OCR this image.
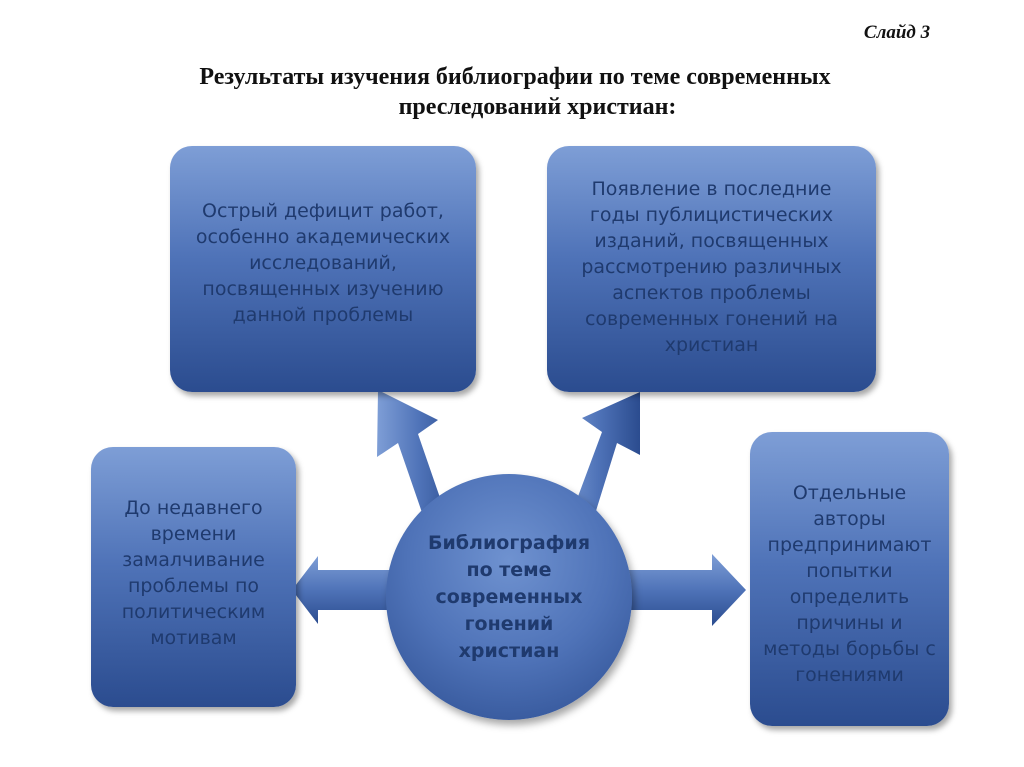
Слайд 3
Результаты изучения библиографии по теме современных
преследований христиан:
Острый дефицит работ,
особенно академических
исследований,
посвященных изучению
данной проблемы
Появление в последние
годы публицистических
изданий, посвященных
рассмотрению различных
аспектов проблемы
современных гонений на
христиан
До недавнего
времени
замалчивание
проблемы по
политическим
мотивам
Отдельные
авторы
предпринимают
попытки
определить
причины и
методы борьбы с
гонениями
Библиография
по теме
современных
гонений
христиан
